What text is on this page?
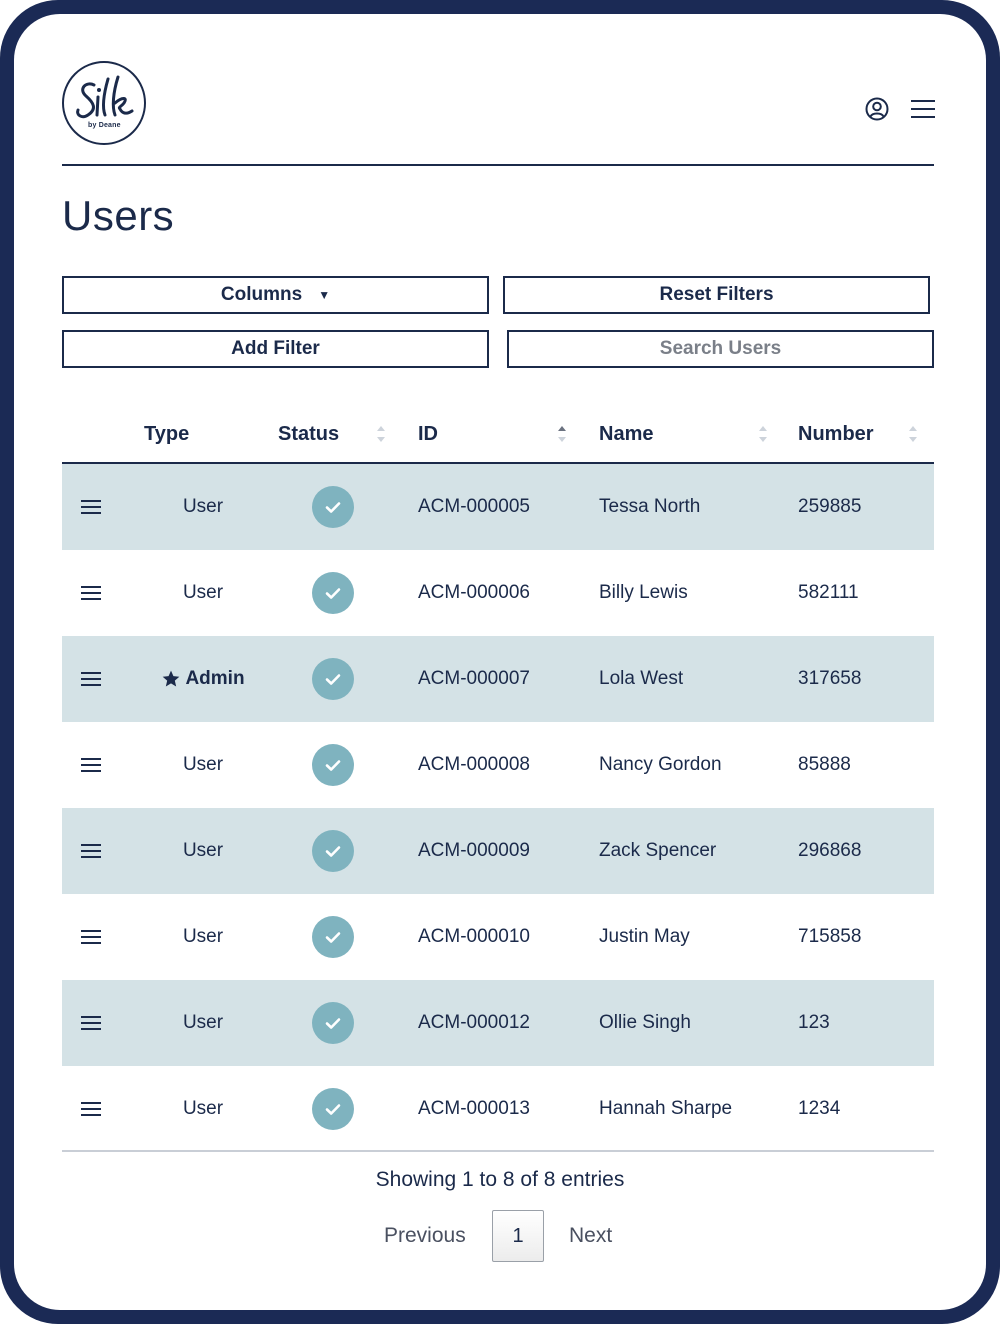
by Deane
Users
Columns ▼	Reset Filters
Add Filter
Search Users
Type	Status	ID	Name	Number
User	ACM-000005	Tessa North	259885
User	ACM-000006	Billy Lewis	582111
Admin	ACM-000007	Lola West	317658
User	ACM-000008	Nancy Gordon	85888
User	ACM-000009	Zack Spencer	296868
User	ACM-000010	Justin May	715858
User	ACM-000012	Ollie Singh	123
User	ACM-000013	Hannah Sharpe	1234
Showing 1 to 8 of 8 entries
Previous	1	Next
